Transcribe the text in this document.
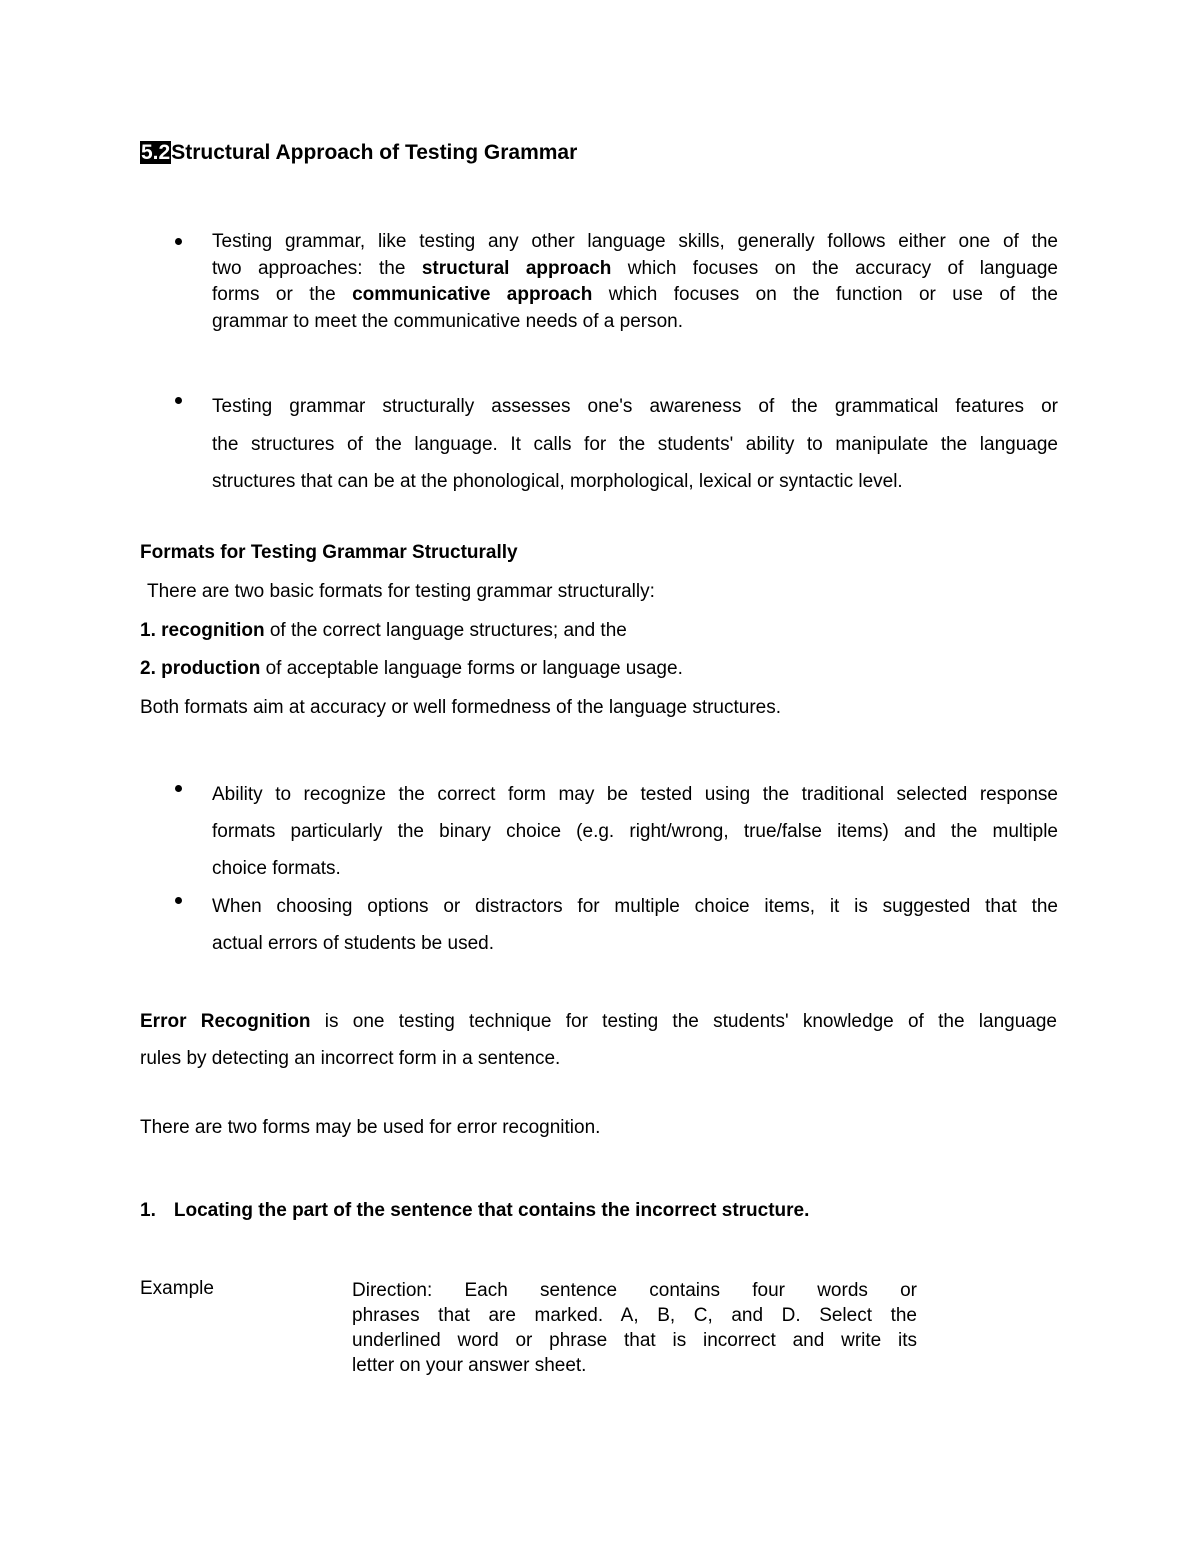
5.2Structural Approach of Testing Grammar
Testing grammar, like testing any other language skills, generally follows either one of the
two approaches: the structural approach which focuses on the accuracy of language
forms or the communicative approach which focuses on the function or use of the
grammar to meet the communicative needs of a person.
Testing grammar structurally assesses one's awareness of the grammatical features or
the structures of the language. It calls for the students' ability to manipulate the language
structures that can be at the phonological, morphological, lexical or syntactic level.
Formats for Testing Grammar Structurally
There are two basic formats for testing grammar structurally:
1. recognition of the correct language structures; and the
2. production of acceptable language forms or language usage.
Both formats aim at accuracy or well formedness of the language structures.
Ability to recognize the correct form may be tested using the traditional selected response
formats particularly the binary choice (e.g. right/wrong, true/false items) and the multiple
choice formats.
When choosing options or distractors for multiple choice items, it is suggested that the
actual errors of students be used.
Error Recognition is one testing technique for testing the students' knowledge of the language
rules by detecting an incorrect form in a sentence.
There are two forms may be used for error recognition.
1. Locating the part of the sentence that contains the incorrect structure.
Example	Direction: Each sentence contains four words or
phrases that are marked. A, B, C, and D. Select the
underlined word or phrase that is incorrect and write its
letter on your answer sheet.
